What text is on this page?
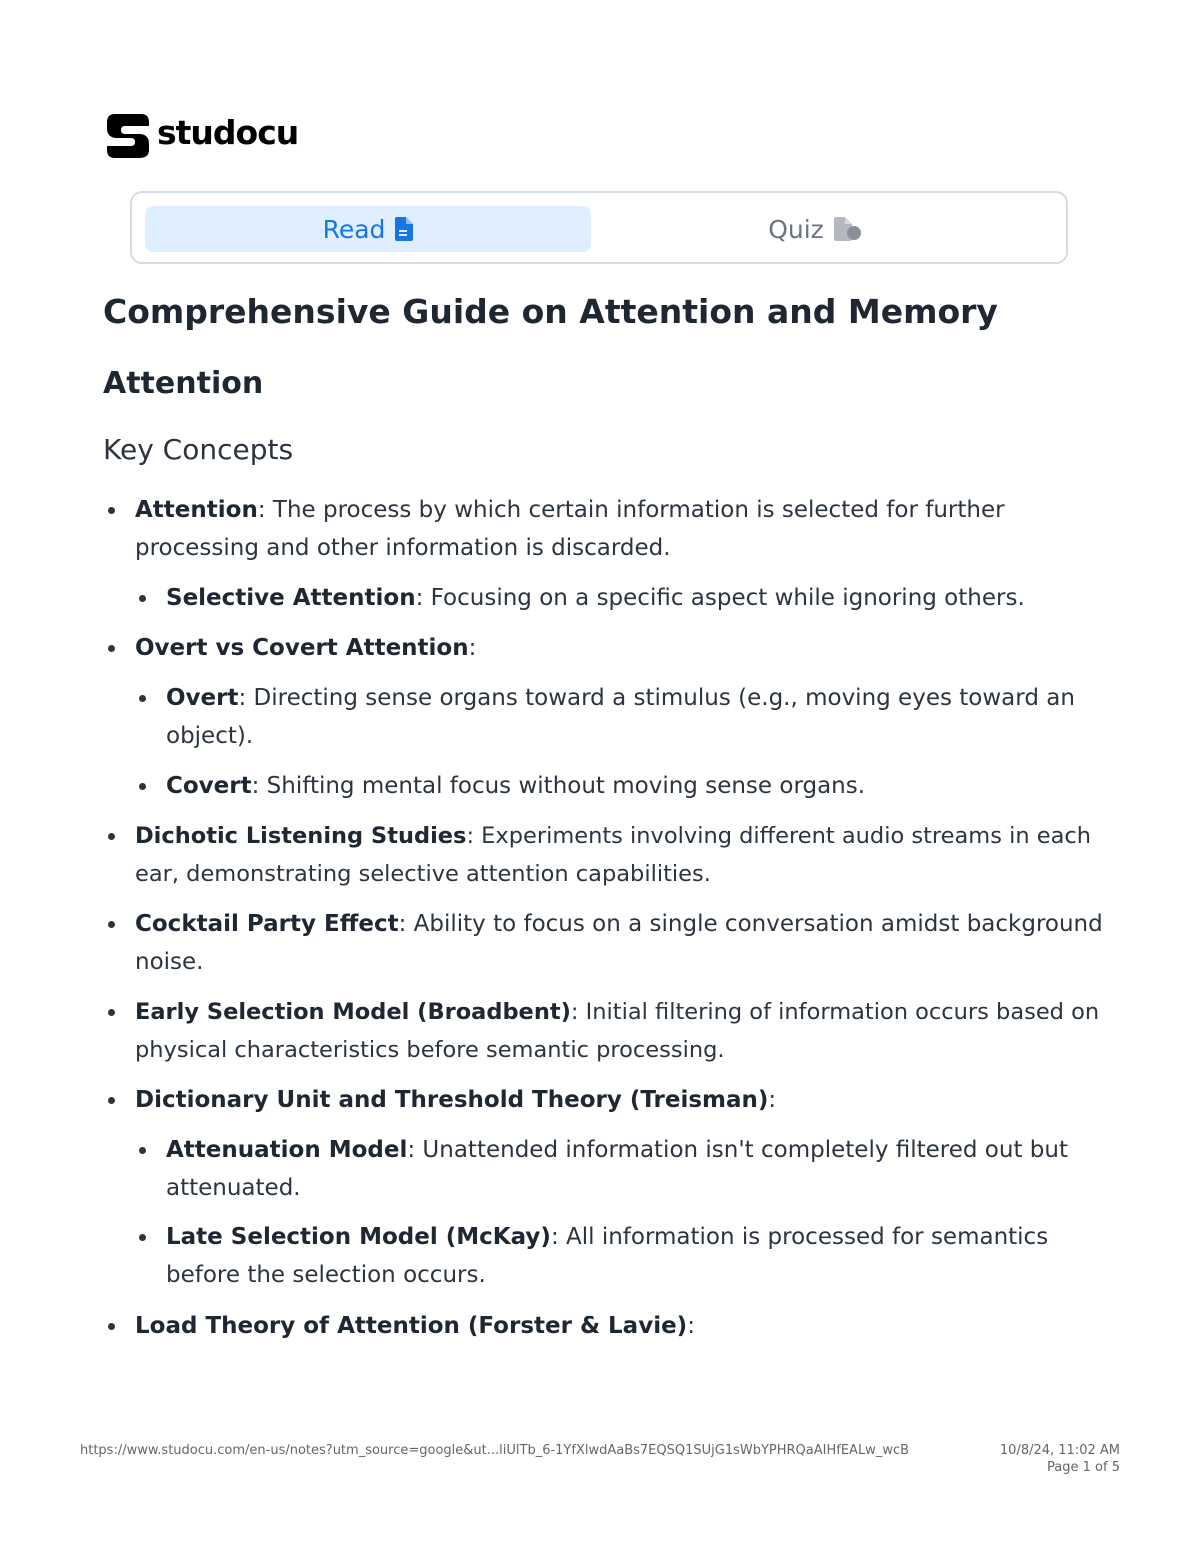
studocu
Read	Quiz
Comprehensive Guide on Attention and Memory
Attention
Key Concepts
Attention: The process by which certain information is selected for further
processing and other information is discarded.
Selective Attention: Focusing on a specific aspect while ignoring others.
Overt vs Covert Attention:
Overt: Directing sense organs toward a stimulus (e.g., moving eyes toward an
object).
Covert: Shifting mental focus without moving sense organs.
Dichotic Listening Studies: Experiments involving different audio streams in each
ear, demonstrating selective attention capabilities.
Cocktail Party Effect: Ability to focus on a single conversation amidst background
noise.
Early Selection Model (Broadbent): Initial filtering of information occurs based on
physical characteristics before semantic processing.
Dictionary Unit and Threshold Theory (Treisman):
Attenuation Model: Unattended information isn't completely filtered out but
attenuated.
Late Selection Model (McKay): All information is processed for semantics
before the selection occurs.
Load Theory of Attention (Forster & Lavie):
https://www.studocu.com/en-us/notes?utm_source=google&ut...liUlTb_6-1YfXlwdAaBs7EQSQ1SUjG1sWbYPHRQaAIHfEALw_wcB	10/8/24, 11:02 AM
Page 1 of 5
